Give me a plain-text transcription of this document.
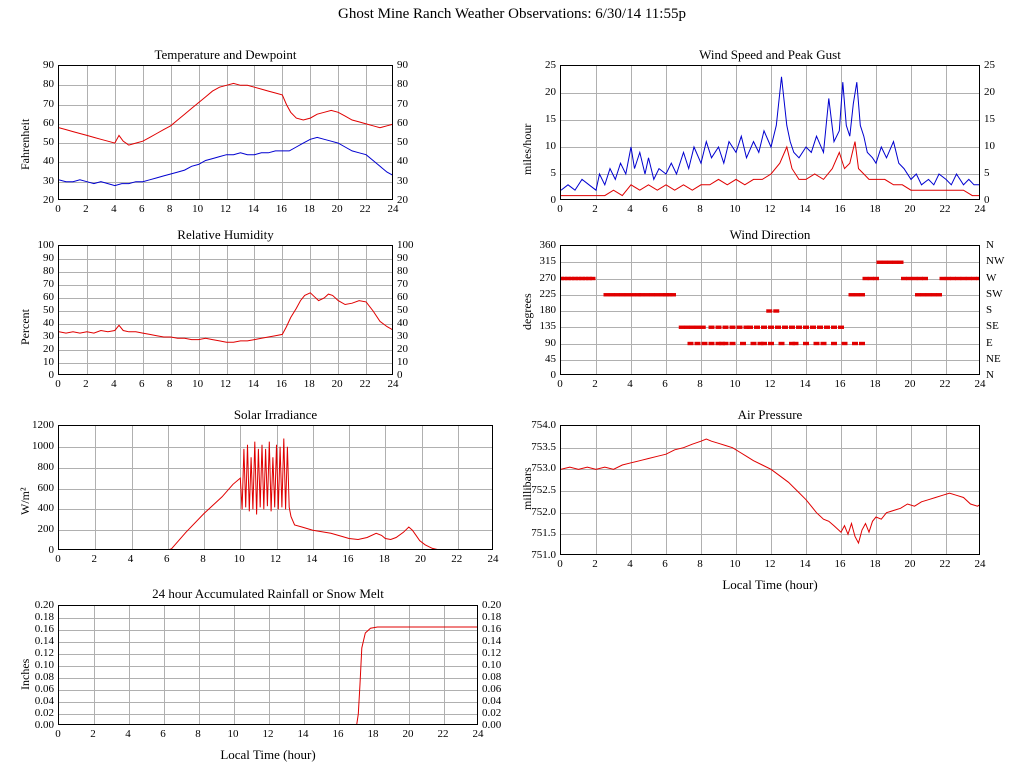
Ghost Mine Ranch Weather Observations: 6/30/14 11:55p
Temperature and Dewpoint
0 2 4 6 8 10 12 14 16 18 20 22 24
20
30
40
50
60
70
80
90
20
30
40
50
60
70
80
90
Fahrenheit
Wind Speed and Peak Gust
0	2	4	6	8 10 12 14 16 18 20 22 24
0
5
10
15
20
25
0
5
10
15
20
25
miles/hour
Relative Humidity
0 2 4 6 8 10 12 14 16 18 20 22 24
0
10
20
30
40
50
60
70
80
90
100
0
10
20
30
40
50
60
70
80
90
100
Percent
Wind Direction
0	2	4	6	8 10 12 14 16 18 20 22 24
0
45
90
135
180
225
270
315
360
N
NE
E
SE
S
SW
W
NW
N
degrees
Solar Irradiance
0	2	4	6	8	10 12 14 16 18 20 22 24
0
200
400
600
800
1000
1200
W/m²
Air Pressure
0	2	4	6	8 10 12 14 16 18 20 22 24
751.0
751.5
752.0
752.5
753.0
753.5
754.0
millibars
Local Time (hour)
24 hour Accumulated Rainfall or Snow Melt
0	2	4	6	8 10 12 14 16 18 20 22 24
0.00
0.02
0.04
0.06
0.08
0.10
0.12
0.14
0.16
0.18
0.20
0.00
0.02
0.04
0.06
0.08
0.10
0.12
0.14
0.16
0.18
0.20
Inches
Local Time (hour)
